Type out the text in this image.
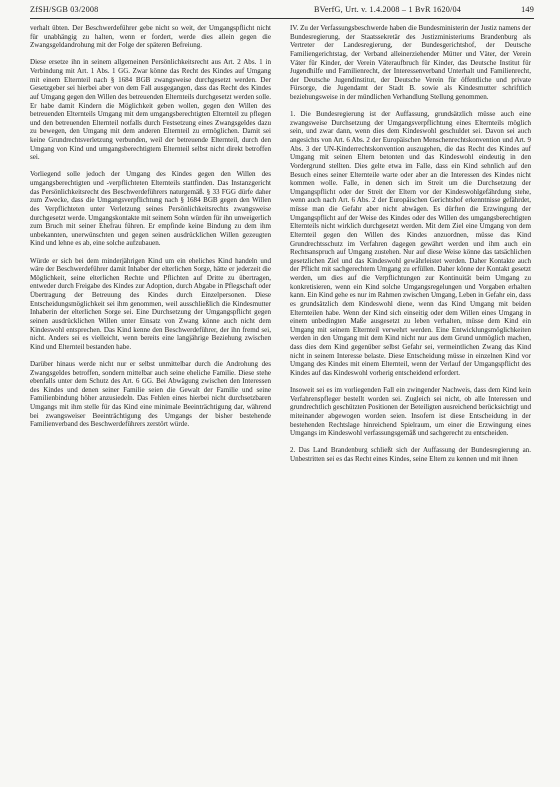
ZfSH/SGB 03/2008	BVerfG, Urt. v. 1.4.2008 – 1 BvR 1620/04	149

verhalt übten. Der Beschwerdeführer gebe nicht so weit, der Umgangspflicht nicht für unabhängig zu halten, wenn er fordert, werde dies allein gegen die Zwangsgeldandrohung mit der Folge der späteren Befreiung.

Diese ersetze ihn in seinem allgemeinen Persönlichkeitsrecht aus Art. 2 Abs. 1 in Verbindung mit Art. 1 Abs. 1 GG. Zwar könne das Recht des Kindes auf Umgang mit einem Elternteil nach § 1684 BGB zwangsweise durchgesetzt werden. Der Gesetzgeber sei hierbei aber von dem Fall ausgegangen, dass das Recht des Kindes auf Umgang gegen den Willen des betreuenden Elternteils durchgesetzt werden solle. Er habe damit Kindern die Möglichkeit geben wollen, gegen den Willen des betreuenden Elternteils Umgang mit dem umgangsberechtigten Elternteil zu pflegen und den betreuenden Elternteil notfalls durch Festsetzung eines Zwangsgeldes dazu zu bewegen, den Umgang mit dem anderen Elternteil zu ermöglichen. Damit sei keine Grundrechtsverletzung verbunden, weil der betreuende Elternteil, durch den Umgang von Kind und umgangsberechtigtem Elternteil selbst nicht direkt betroffen sei.

Vorliegend solle jedoch der Umgang des Kindes gegen den Willen des umgangsberechtigten und -verpflichteten Elternteils stattfinden. Das Instanzgericht das Persönlichkeitsrecht des Beschwerdeführers naturgemäß. § 33 FGG dürfe daher zum Zwecke, dass die Umgangsverpflichtung nach § 1684 BGB gegen den Willen des Verpflichteten unter Verletzung seines Persönlichkeitsrechts zwangsweise durchgesetzt werde. Umgangskontakte mit seinem Sohn würden für ihn unweigerlich zum Bruch mit seiner Ehefrau führen. Er empfinde keine Bindung zu dem ihm unbekannten, unerwünschten und gegen seinen ausdrücklichen Willen gezeugten Kind und lehne es ab, eine solche aufzubauen.

Würde er sich bei dem minderjährigen Kind um ein eheliches Kind handeln und wäre der Beschwerdeführer damit Inhaber der elterlichen Sorge, hätte er jederzeit die Möglichkeit, seine elterlichen Rechte und Pflichten auf Dritte zu übertragen, entweder durch Freigabe des Kindes zur Adoption, durch Abgabe in Pflegschaft oder Übertragung der Betreuung des Kindes durch Einzelpersonen. Diese Entscheidungsmöglichkeit sei ihm genommen, weil ausschließlich die Kindesmutter Inhaberin der elterlichen Sorge sei. Eine Durchsetzung der Umgangspflicht gegen seinen ausdrücklichen Willen unter Einsatz von Zwang könne auch nicht dem Kindeswohl entsprechen. Das Kind kenne den Beschwerdeführer, der ihn fremd sei, nicht. Anders sei es vielleicht, wenn bereits eine langjährige Beziehung zwischen Kind und Elternteil bestanden habe.

Darüber hinaus werde nicht nur er selbst unmittelbar durch die Androhung des Zwangsgeldes betroffen, sondern mittelbar auch seine eheliche Familie. Diese stehe ebenfalls unter dem Schutz des Art. 6 GG. Bei Abwägung zwischen den Interessen des Kindes und denen seiner Familie seien die Gewalt der Familie und seine Familienbindung höher anzusiedeln. Das Fehlen eines hierbei nicht durchsetzbaren Umgangs mit ihm stelle für das Kind eine minimale Beeinträchtigung dar, während bei zwangsweiser Beeinträchtigung des Umgangs der bisher bestehende Familienverband des Beschwerdeführers zerstört würde.

IV. Zu der Verfassungsbeschwerde haben die Bundesministerin der Justiz namens der Bundesregierung, der Staatssekretär des Justizministeriums Brandenburg als Vertreter der Landesregierung, der Bundesgerichtshof, der Deutsche Familiengerichtstag, der Verband alleinerziehender Mütter und Väter, der Verein Väter für Kinder, der Verein Väteraufbruch für Kinder, das Deutsche Institut für Jugendhilfe und Familienrecht, der Interessenverband Unterhalt und Familienrecht, der Deutsche Jugendinstitut, der Deutsche Verein für öffentliche und private Fürsorge, die Jugendamt der Stadt B. sowie als Kindesmutter schriftlich beziehungsweise in der mündlichen Verhandlung Stellung genommen.

1. Die Bundesregierung ist der Auffassung, grundsätzlich müsse auch eine zwangsweise Durchsetzung der Umgangsverpflichtung eines Elternteils möglich sein, und zwar dann, wenn dies dem Kindeswohl geschuldet sei. Davon sei auch angesichts von Art. 6 Abs. 2 der Europäischen Menschenrechtskonvention und Art. 9 Abs. 3 der UN-Kinderrechtskonvention auszugehen, die das Recht des Kindes auf Umgang mit seinen Eltern betonten und das Kindeswohl eindeutig in den Vordergrund stellten. Dies gelte etwa im Falle, dass ein Kind sehnlich auf den Besuch eines seiner Elternteile warte oder aber an die Interessen des Kindes nicht kommen wolle. Falle, in denen sich im Streit um die Durchsetzung der Umgangspflicht oder der Streit der Eltern vor der Kindeswohlgefährdung stehe, wenn auch nach Art. 6 Abs. 2 der Europäischen Gerichtshof erkenntnisse gefährdet, müsse man die Gefahr aber nicht abwägen. Es dürften die Erzwingung der Umgangspflicht auf der Weise des Kindes oder des Willen des umgangsberechtigten Elternteils nicht wirklich durchgesetzt werden. Mit dem Ziel eine Umgang von dem Elternteil gegen den Willen des Kindes anzuordnen, müsse das Kind Grundrechtsschutz im Verfahren dagegen gewährt werden und ihm auch ein Rechtsanspruch auf Umgang zustehen. Nur auf diese Weise könne das tatsächlichen gesetzlichen Ziel und das Kindeswohl gewährleistet werden. Daher Kontakte auch der Pflicht mit sachgerechtem Umgang zu erfüllen. Daher könne der Kontakt gesetzt werden, um dies auf die Verpflichtungen zur Kontinuität beim Umgang zu konkretisieren, wenn ein Kind solche Umgangsregelungen und Vorgaben erhalten kann. Ein Kind gehe es nur im Rahmen zwischen Umgang, Leben in Gefahr ein, dass es grundsätzlich dem Kindeswohl diene, wenn das Kind Umgang mit beiden Elternteilen habe. Wenn der Kind sich einseitig oder dem Willen eines Umgang in einem unbedingten Maße ausgesetzt zu leben verhalten, müsse dem Kind ein Umgang mit seinem Elternteil verwehrt werden. Eine Entwicklungsmöglichkeiten werden in den Umgang mit dem Kind nicht nur aus dem Grund unmöglich machen, dass dies dem Kind gegenüber selbst Gefahr sei, vermeintlichen Zwang das Kind nicht in seinem Interesse belaste. Diese Entscheidung müsse in einzelnen Kind vor Umgang des Kindes mit einem Elternteil, wenn der Verlauf der Umgangspflicht des Kindes auf das Kindeswohl vorherig entscheidend erfordert.

Insoweit sei es im vorliegenden Fall ein zwingender Nachweis, dass dem Kind kein Verfahrenspfleger bestellt worden sei. Zugleich sei nicht, ob alle Interessen und grundrechtlich geschützten Positionen der Beteiligten ausreichend berücksichtigt und miteinander abgewogen worden seien. Insofern ist diese Entscheidung in der bestehenden Rechtslage hinreichend Spielraum, um einer die Erzwingung eines Umgangs im Kindeswohl verfassungsgemäß und sachgerecht zu entscheiden.

2. Das Land Brandenburg schließt sich der Auffassung der Bundesregierung an. Unbestritten sei es das Recht eines Kindes, seine Eltern zu kennen und mit ihnen
